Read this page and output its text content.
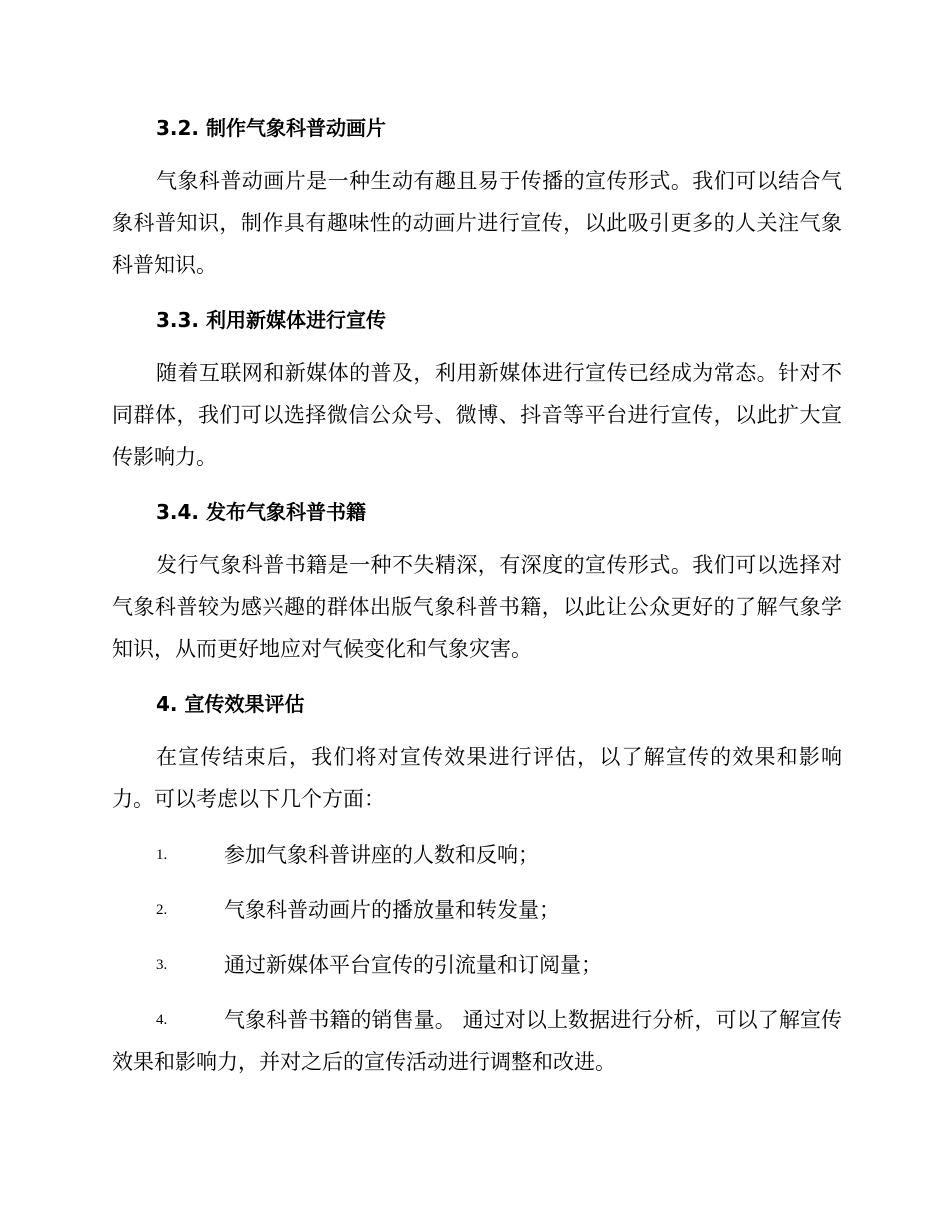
3.2. 制作气象科普动画片

气象科普动画片是一种生动有趣且易于传播的宣传形式。我们可以结合气象科普知识，制作具有趣味性的动画片进行宣传，以此吸引更多的人关注气象科普知识。

3.3. 利用新媒体进行宣传

随着互联网和新媒体的普及，利用新媒体进行宣传已经成为常态。针对不同群体，我们可以选择微信公众号、微博、抖音等平台进行宣传，以此扩大宣传影响力。

3.4. 发布气象科普书籍

发行气象科普书籍是一种不失精深，有深度的宣传形式。我们可以选择对气象科普较为感兴趣的群体出版气象科普书籍，以此让公众更好的了解气象学知识，从而更好地应对气候变化和气象灾害。

4. 宣传效果评估

在宣传结束后，我们将对宣传效果进行评估，以了解宣传的效果和影响力。可以考虑以下几个方面：

1.	参加气象科普讲座的人数和反响；
2.	气象科普动画片的播放量和转发量；
3.	通过新媒体平台宣传的引流量和订阅量；
4.	气象科普书籍的销售量。 通过对以上数据进行分析，可以了解宣传效果和影响力，并对之后的宣传活动进行调整和改进。
